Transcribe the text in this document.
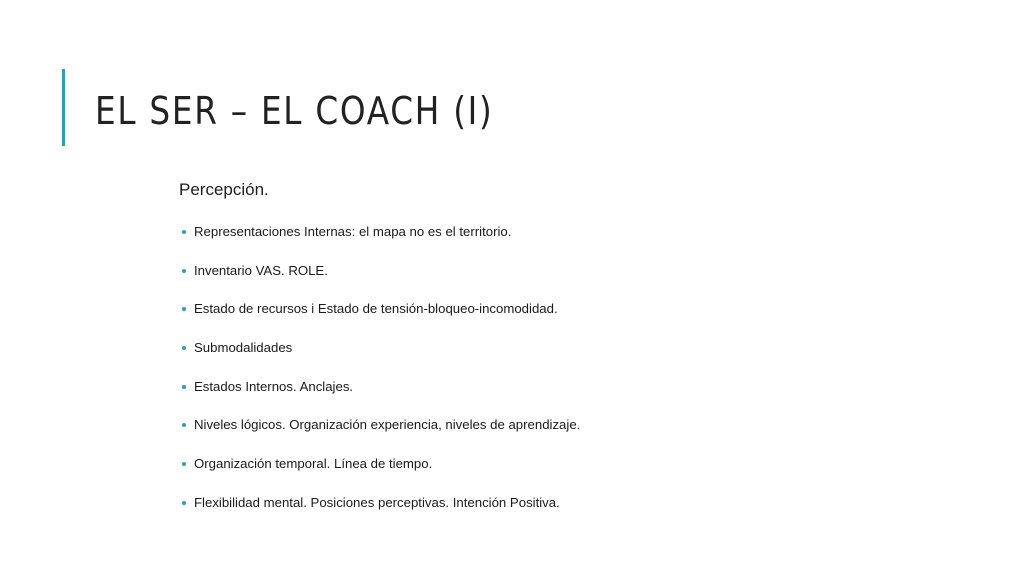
EL SER – EL COACH (I)

Percepción.

Representaciones Internas: el mapa no es el territorio.
Inventario VAS. ROLE.
Estado de recursos i Estado de tensión-bloqueo-incomodidad.
Submodalidades
Estados Internos. Anclajes.
Niveles lógicos. Organización experiencia, niveles de aprendizaje.
Organización temporal. Línea de tiempo.
Flexibilidad mental. Posiciones perceptivas. Intención Positiva.
